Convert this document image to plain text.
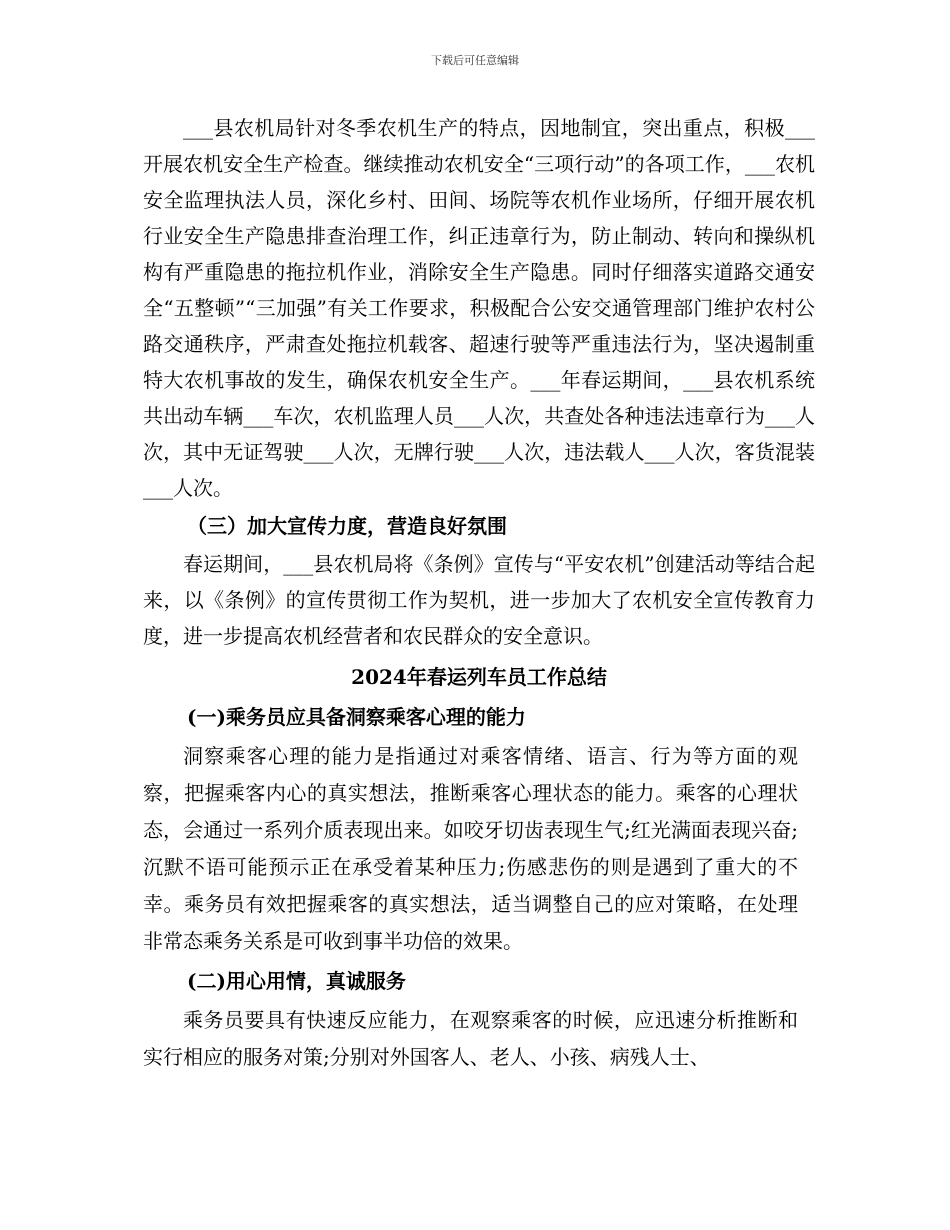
下载后可任意编辑

___县农机局针对冬季农机生产的特点，因地制宜，突出重点，积极___开展农机安全生产检查。继续推动农机安全“三项行动”的各项工作，___农机安全监理执法人员，深化乡村、田间、场院等农机作业场所，仔细开展农机行业安全生产隐患排查治理工作，纠正违章行为，防止制动、转向和操纵机构有严重隐患的拖拉机作业，消除安全生产隐患。同时仔细落实道路交通安全“五整顿”“三加强”有关工作要求，积极配合公安交通管理部门维护农村公路交通秩序，严肃查处拖拉机载客、超速行驶等严重违法行为，坚决遏制重特大农机事故的发生，确保农机安全生产。___年春运期间，___县农机系统共出动车辆___车次，农机监理人员___人次，共查处各种违法违章行为___人次，其中无证驾驶___人次，无牌行驶___人次，违法载人___人次，客货混装___人次。

（三）加大宣传力度，营造良好氛围

春运期间，___县农机局将《条例》宣传与“平安农机”创建活动等结合起来，以《条例》的宣传贯彻工作为契机，进一步加大了农机安全宣传教育力度，进一步提高农机经营者和农民群众的安全意识。

2024年春运列车员工作总结

(一)乘务员应具备洞察乘客心理的能力

洞察乘客心理的能力是指通过对乘客情绪、语言、行为等方面的观察，把握乘客内心的真实想法，推断乘客心理状态的能力。乘客的心理状态，会通过一系列介质表现出来。如咬牙切齿表现生气;红光满面表现兴奋;沉默不语可能预示正在承受着某种压力;伤感悲伤的则是遇到了重大的不幸。乘务员有效把握乘客的真实想法，适当调整自己的应对策略，在处理非常态乘务关系是可收到事半功倍的效果。

(二)用心用情，真诚服务

乘务员要具有快速反应能力，在观察乘客的时候，应迅速分析推断和实行相应的服务对策;分别对外国客人、老人、小孩、病残人士、
